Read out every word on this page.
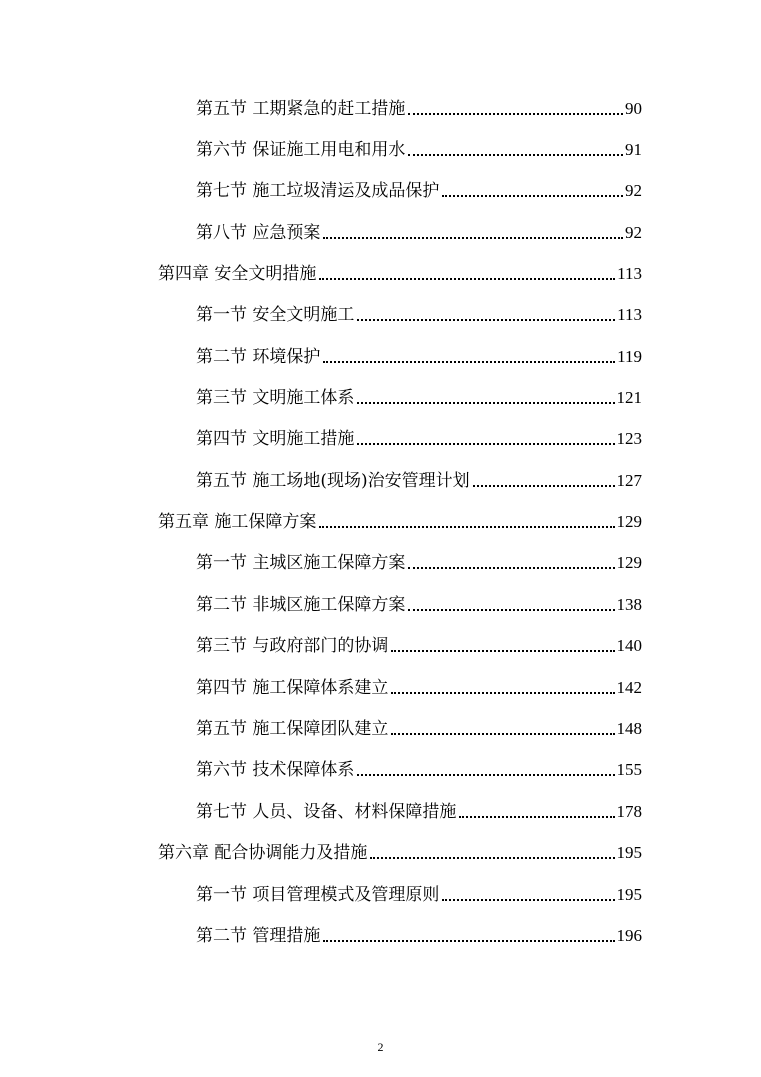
第五节 工期紧急的赶工措施	90
第六节 保证施工用电和用水	91
第七节 施工垃圾清运及成品保护	92
第八节 应急预案	92
第四章 安全文明措施	113
第一节 安全文明施工	113
第二节 环境保护	119
第三节 文明施工体系	121
第四节 文明施工措施	123
第五节 施工场地(现场)治安管理计划	127
第五章 施工保障方案	129
第一节 主城区施工保障方案	129
第二节 非城区施工保障方案	138
第三节 与政府部门的协调	140
第四节 施工保障体系建立	142
第五节 施工保障团队建立	148
第六节 技术保障体系	155
第七节 人员、设备、材料保障措施	178
第六章 配合协调能力及措施	195
第一节 项目管理模式及管理原则	195
第二节 管理措施	196
2
